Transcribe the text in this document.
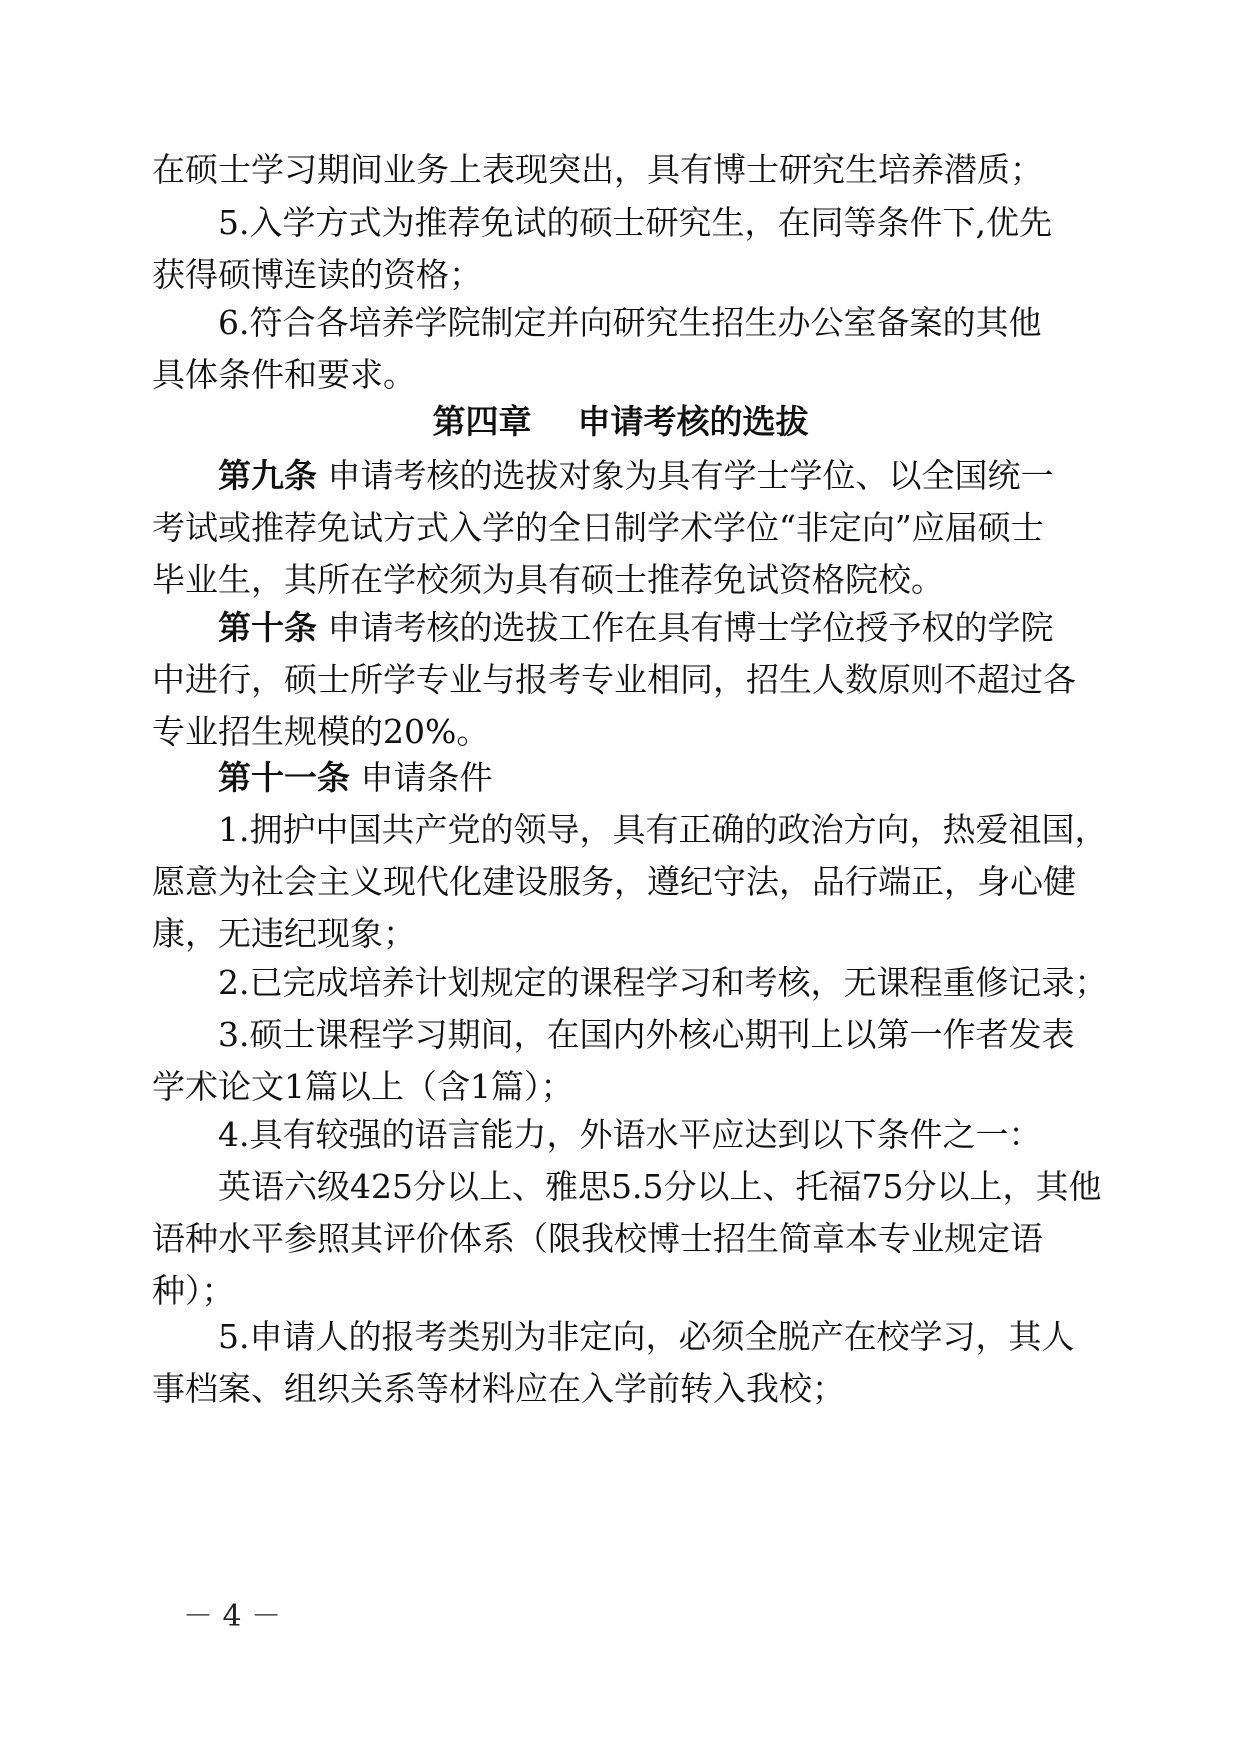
在硕士学习期间业务上表现突出，具有博士研究生培养潜质；
5.入学方式为推荐免试的硕士研究生，在同等条件下,优先
获得硕博连读的资格；
6.符合各培养学院制定并向研究生招生办公室备案的其他
具体条件和要求。
第四章    申请考核的选拔
第九条 申请考核的选拔对象为具有学士学位、以全国统一
考试或推荐免试方式入学的全日制学术学位“非定向”应届硕士
毕业生，其所在学校须为具有硕士推荐免试资格院校。
第十条 申请考核的选拔工作在具有博士学位授予权的学院
中进行，硕士所学专业与报考专业相同，招生人数原则不超过各
专业招生规模的20%。
第十一条 申请条件
1.拥护中国共产党的领导，具有正确的政治方向，热爱祖国，
愿意为社会主义现代化建设服务，遵纪守法，品行端正，身心健
康，无违纪现象；
2.已完成培养计划规定的课程学习和考核，无课程重修记录；
3.硕士课程学习期间，在国内外核心期刊上以第一作者发表
学术论文1篇以上（含1篇）；
4.具有较强的语言能力，外语水平应达到以下条件之一：
英语六级425分以上、雅思5.5分以上、托福75分以上，其他
语种水平参照其评价体系（限我校博士招生简章本专业规定语
种）；
5.申请人的报考类别为非定向，必须全脱产在校学习，其人
事档案、组织关系等材料应在入学前转入我校；
－ 4 －
